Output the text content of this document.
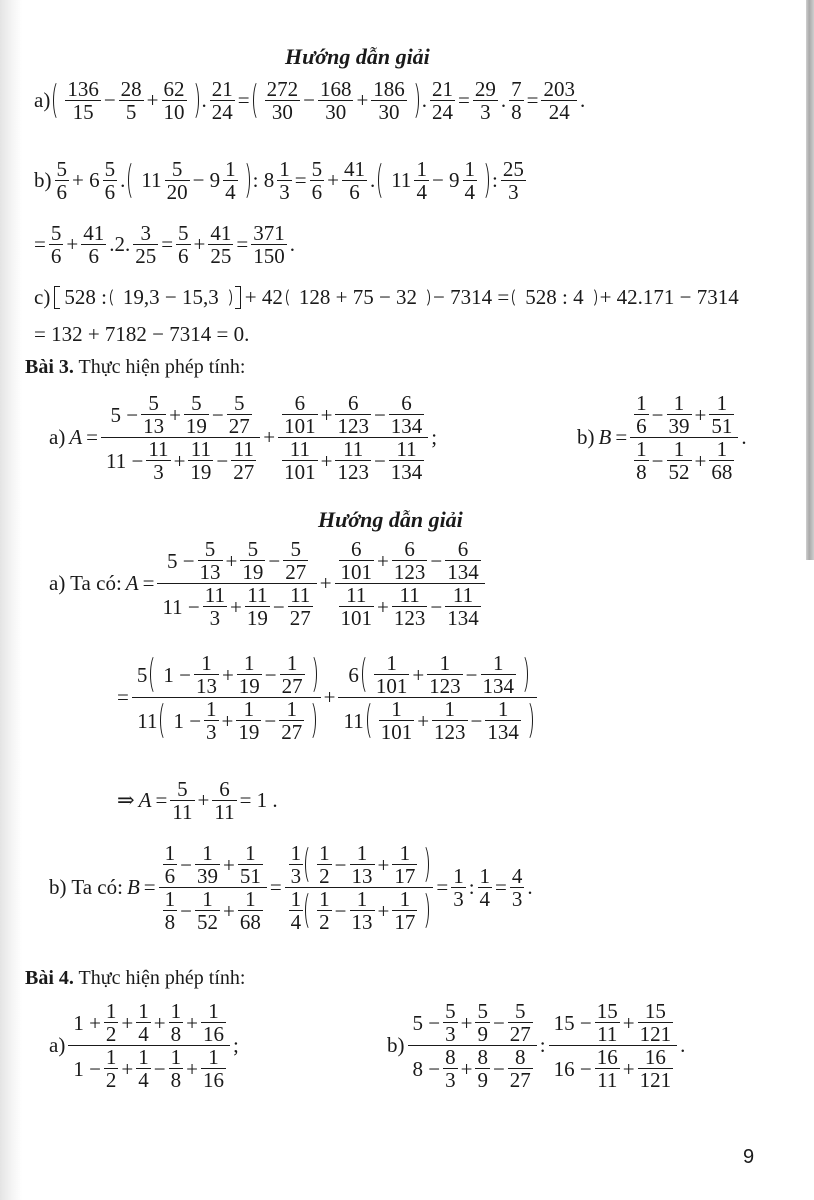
Hướng dẫn giải
$a) \frac{136}{15} - \frac{28}{5} + \frac{62}{10}$ . $\frac{21}{24} = \frac{272}{30} - \frac{168}{30} + \frac{186}{30}$ . $\frac{21}{24} = \frac{29}{3}$ . $\frac{7}{8} = \frac{203}{24}$ .
$b) \frac{5}{6} + 6 \frac{5}{6}$ . $11 \frac{5}{20} - 9 \frac{1}{4}$ : $8 \frac{1}{3} = \frac{5}{6} + \frac{41}{6}$ . $11 \frac{1}{4} - 9 \frac{1}{4}$ : $\frac{25}{3}$
= $\frac{5}{6} + \frac{41}{6} .2$. $\frac{3}{25} = \frac{5}{6} + \frac{41}{25} = \frac{371}{150}$ .
c) 528 : 19,3 − 15,3 + 42 128 + 75 − 32 − 7314 = 528 : 4 + 42.171 − 7314
= 132 + 7182 − 7314 = 0.
Bài 3. Thực hiện phép tính:
a) $A = \frac{5 - \frac{5}{13} + \frac{5}{19} - \frac{5}{27}}{11 - \frac{11}{3} + \frac{11}{19} - \frac{11}{27}} + \frac{\frac{6}{101} + \frac{6}{123} - \frac{6}{134}}{\frac{11}{101} + \frac{11}{123} - \frac{11}{134}}$ ;	b) $B = \frac{\frac{1}{6} - \frac{1}{39} + \frac{1}{51}}{\frac{1}{8} - \frac{1}{52} + \frac{1}{68}}$ .
Hướng dẫn giải
a) Ta có: $A = \frac{5 - \frac{5}{13} + \frac{5}{19} - \frac{5}{27}}{11 - \frac{11}{3} + \frac{11}{19} - \frac{11}{27}} + \frac{\frac{6}{101} + \frac{6}{123} - \frac{6}{134}}{\frac{11}{101} + \frac{11}{123} - \frac{11}{134}}$
= $\frac{5 1 - \frac{1}{13} + \frac{1}{19} - \frac{1}{27}}{11 1 - \frac{1}{3} + \frac{1}{19} - \frac{1}{27}} + \frac{6 \frac{1}{101} + \frac{1}{123} - \frac{1}{134}}{11 \frac{1}{101} + \frac{1}{123} - \frac{1}{134}}$
⇒ $A = \frac{5}{11} + \frac{6}{11} = 1$ .
b) Ta có: $B = \frac{\frac{1}{6} - \frac{1}{39} + \frac{1}{51}}{\frac{1}{8} - \frac{1}{52} + \frac{1}{68}} = \frac{\frac{1}{3} \frac{1}{2} - \frac{1}{13} + \frac{1}{17}}{\frac{1}{4} \frac{1}{2} - \frac{1}{13} + \frac{1}{17}} = \frac{1}{3}$ : $\frac{1}{4} = \frac{4}{3}$ .
Bài 4. Thực hiện phép tính:
$a) \frac{1 + \frac{1}{2} + \frac{1}{4} + \frac{1}{8} + \frac{1}{16}}{1 - \frac{1}{2} + \frac{1}{4} - \frac{1}{8} + \frac{1}{16}}$ ;	$b) \frac{5 - \frac{5}{3} + \frac{5}{9} - \frac{5}{27}}{8 - \frac{8}{3} + \frac{8}{9} - \frac{8}{27}}$ : $\frac{15 - \frac{15}{11} + \frac{15}{121}}{16 - \frac{16}{11} + \frac{16}{121}}$ .
9
